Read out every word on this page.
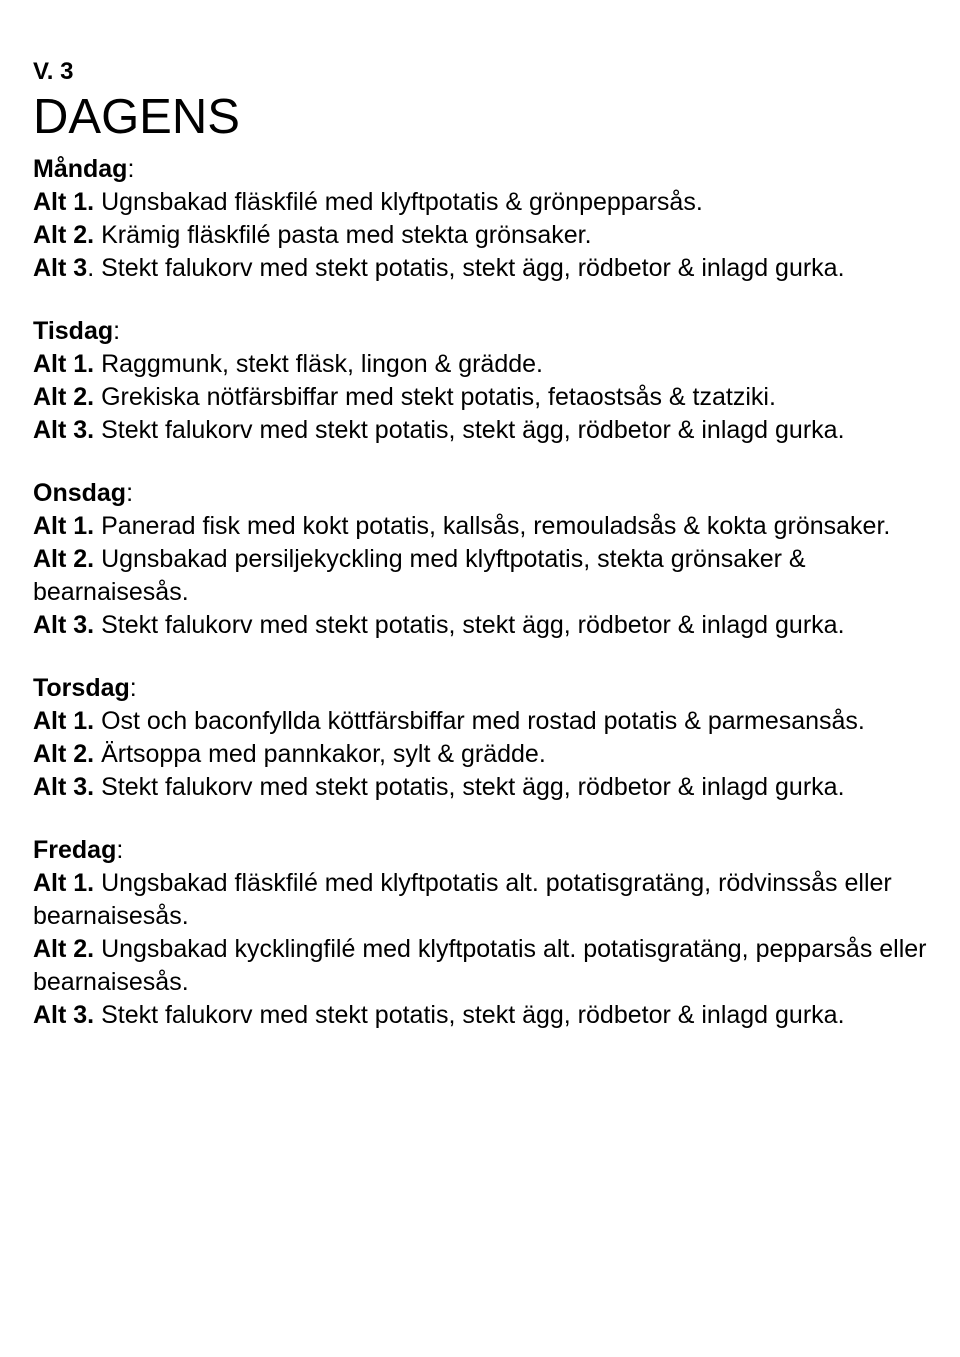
V. 3

DAGENS

Måndag:

Alt 1. Ugnsbakad fläskfilé med klyftpotatis & grönpepparsås.

Alt 2. Krämig fläskfilé pasta med stekta grönsaker.

Alt 3. Stekt falukorv med stekt potatis, stekt ägg, rödbetor & inlagd gurka.

Tisdag:

Alt 1. Raggmunk, stekt fläsk, lingon & grädde.

Alt 2. Grekiska nötfärsbiffar med stekt potatis, fetaostsås & tzatziki.

Alt 3. Stekt falukorv med stekt potatis, stekt ägg, rödbetor & inlagd gurka.

Onsdag:

Alt 1. Panerad fisk med kokt potatis, kallsås, remouladsås & kokta grönsaker.

Alt 2. Ugnsbakad persiljekyckling med klyftpotatis, stekta grönsaker & bearnaisesås.

Alt 3. Stekt falukorv med stekt potatis, stekt ägg, rödbetor & inlagd gurka.

Torsdag:

Alt 1. Ost och baconfyllda köttfärsbiffar med rostad potatis & parmesansås.

Alt 2. Ärtsoppa med pannkakor, sylt & grädde.

Alt 3. Stekt falukorv med stekt potatis, stekt ägg, rödbetor & inlagd gurka.

Fredag:

Alt 1. Ungsbakad fläskfilé med klyftpotatis alt. potatisgratäng, rödvinssås eller bearnaisesås.

Alt 2. Ungsbakad kycklingfilé med klyftpotatis alt. potatisgratäng, pepparsås eller bearnaisesås.

Alt 3. Stekt falukorv med stekt potatis, stekt ägg, rödbetor & inlagd gurka.
